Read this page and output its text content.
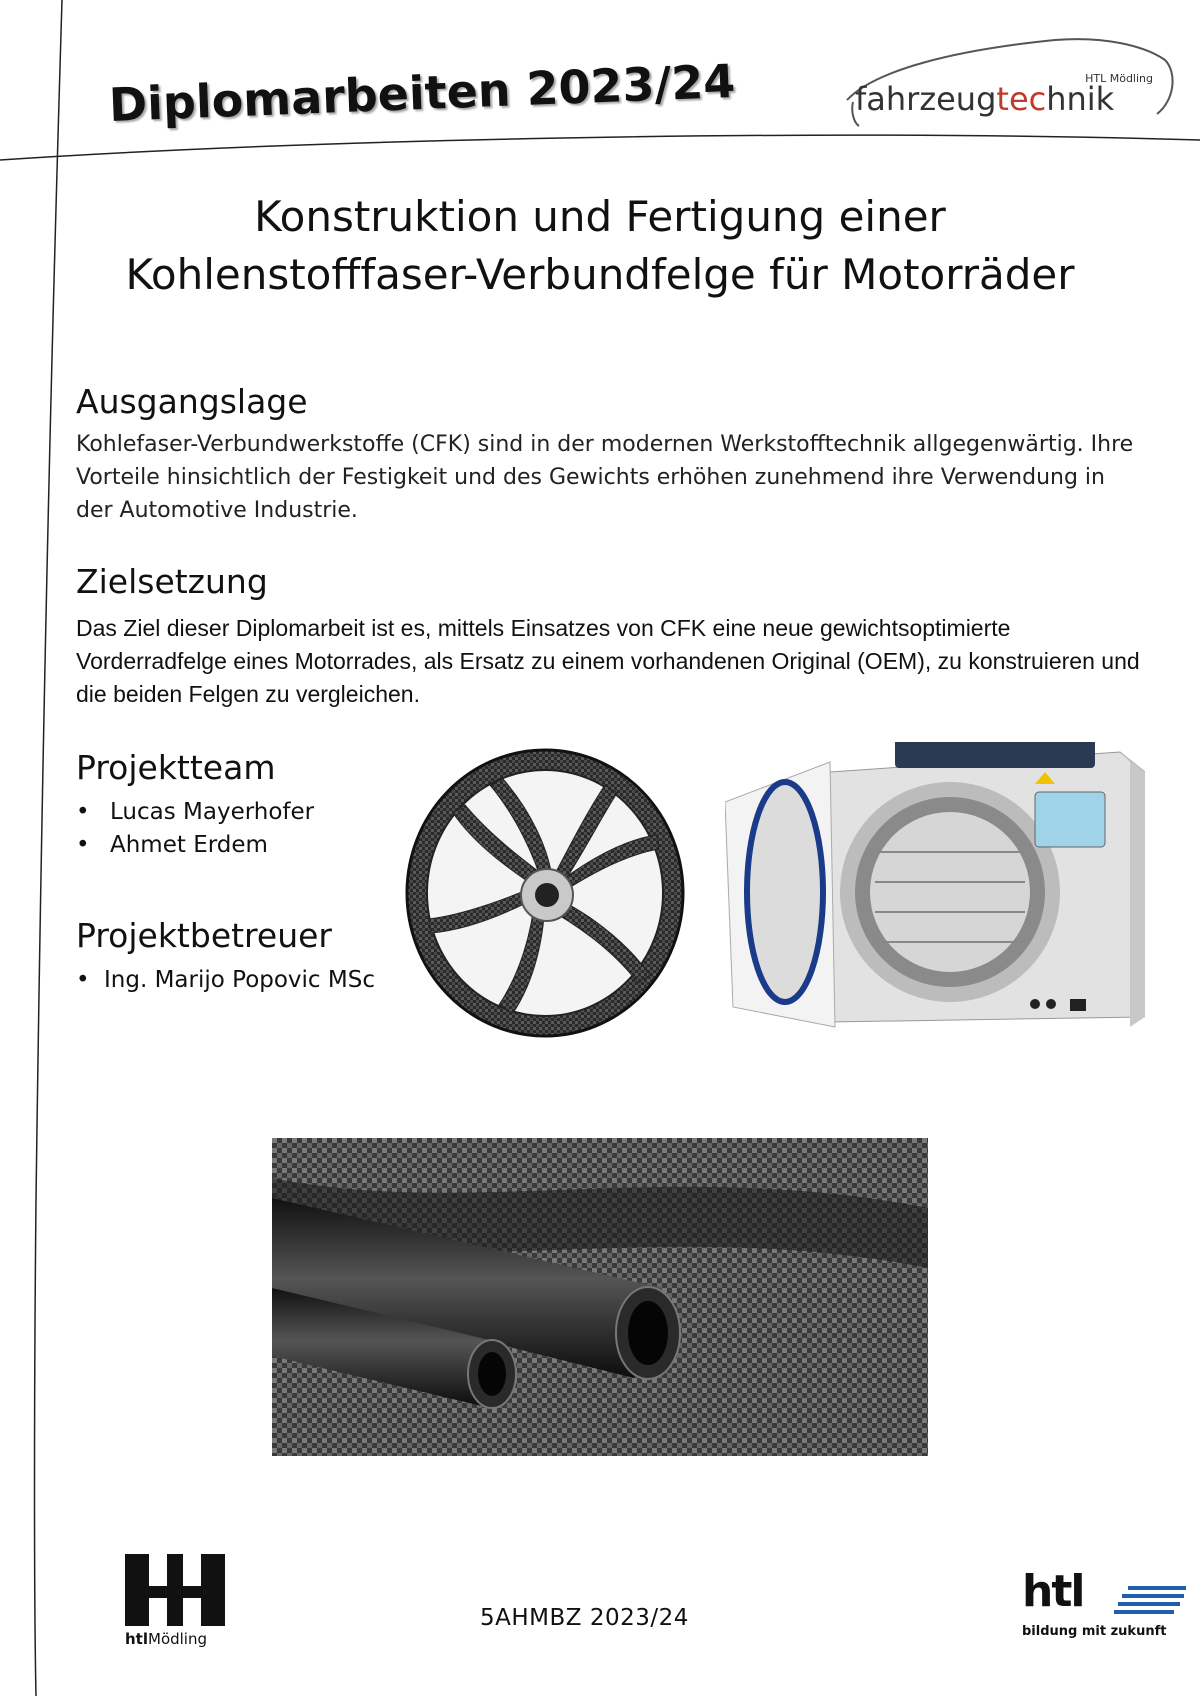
Diplomarbeiten 2023/24	HTL Mödling
fahrzeugtechnik
Konstruktion und Fertigung einer
Kohlenstofffaser-Verbundfelge für Motorräder
Ausgangslage
Kohlefaser-Verbundwerkstoffe (CFK) sind in der modernen Werkstofftechnik allgegenwärtig. Ihre Vorteile hinsichtlich der Festigkeit und des Gewichts erhöhen zunehmend ihre Verwendung in der Automotive Industrie.
Zielsetzung
Das Ziel dieser Diplomarbeit ist es, mittels Einsatzes von CFK eine neue gewichtsoptimierte Vorderradfelge eines Motorrades, als Ersatz zu einem vorhandenen Original (OEM), zu konstruieren und die beiden Felgen zu vergleichen.
Projektteam
• Lucas Mayerhofer
• Ahmet Erdem
Projektbetreuer
• Ing. Marijo Popovic MSc
htlMödling
5AHMBZ 2023/24
htl
bildung mit zukunft
